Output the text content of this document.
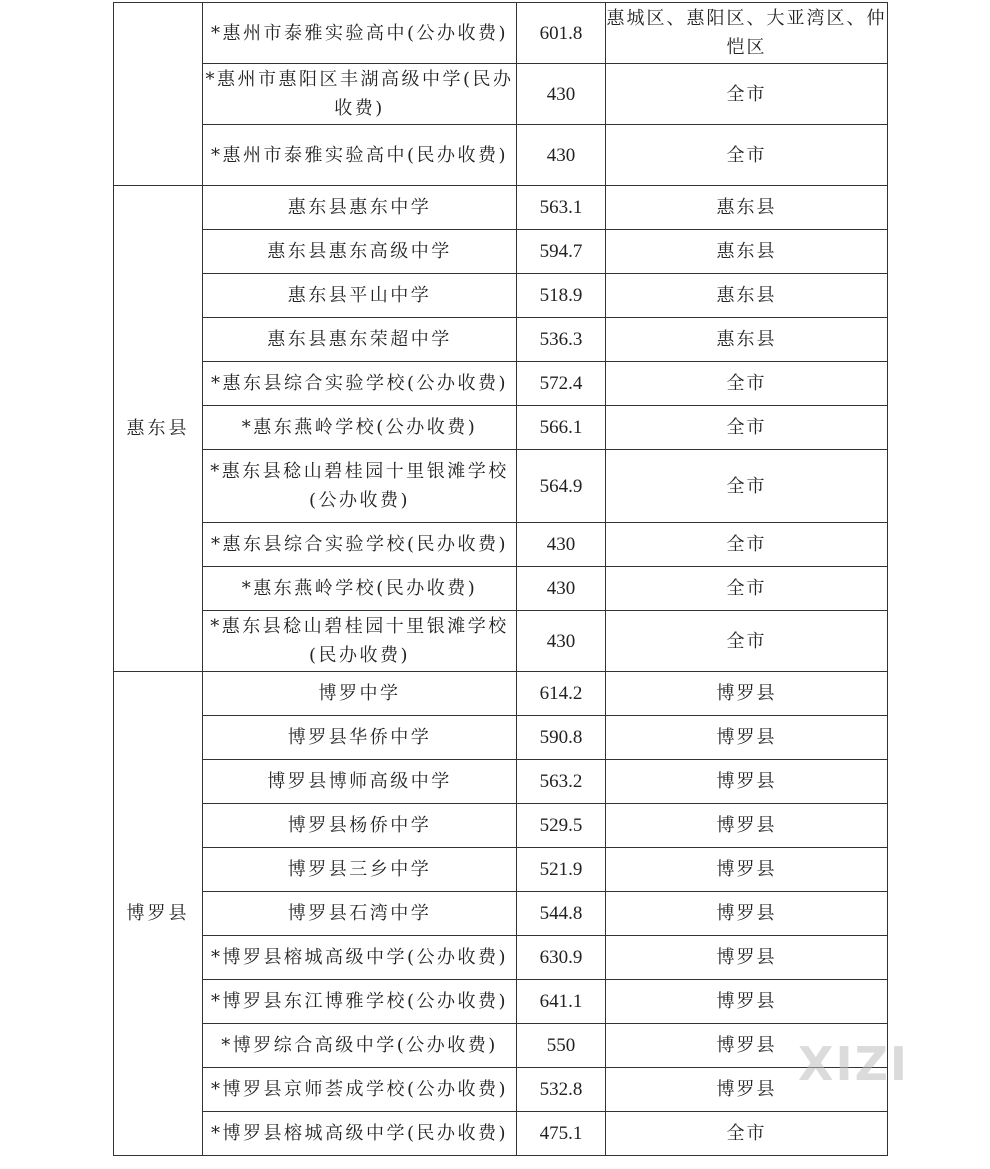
	*惠州市泰雅实验高中(公办收费)	601.8	惠城区、惠阳区、大亚湾区、仲恺区
	*惠州市惠阳区丰湖高级中学(民办收费)	430	全市
	*惠州市泰雅实验高中(民办收费)	430	全市
惠东县	惠东县惠东中学	563.1	惠东县
	惠东县惠东高级中学	594.7	惠东县
	惠东县平山中学	518.9	惠东县
	惠东县惠东荣超中学	536.3	惠东县
	*惠东县综合实验学校(公办收费)	572.4	全市
	*惠东燕岭学校(公办收费)	566.1	全市
	*惠东县稔山碧桂园十里银滩学校(公办收费)	564.9	全市
	*惠东县综合实验学校(民办收费)	430	全市
	*惠东燕岭学校(民办收费)	430	全市
	*惠东县稔山碧桂园十里银滩学校(民办收费)	430	全市
博罗县	博罗中学	614.2	博罗县
	博罗县华侨中学	590.8	博罗县
	博罗县博师高级中学	563.2	博罗县
	博罗县杨侨中学	529.5	博罗县
	博罗县三乡中学	521.9	博罗县
	博罗县石湾中学	544.8	博罗县
	*博罗县榕城高级中学(公办收费)	630.9	博罗县
	*博罗县东江博雅学校(公办收费)	641.1	博罗县
	*博罗综合高级中学(公办收费)	550	博罗县
	*博罗县京师荟成学校(公办收费)	532.8	博罗县
	*博罗县榕城高级中学(民办收费)	475.1	全市
XIZI
